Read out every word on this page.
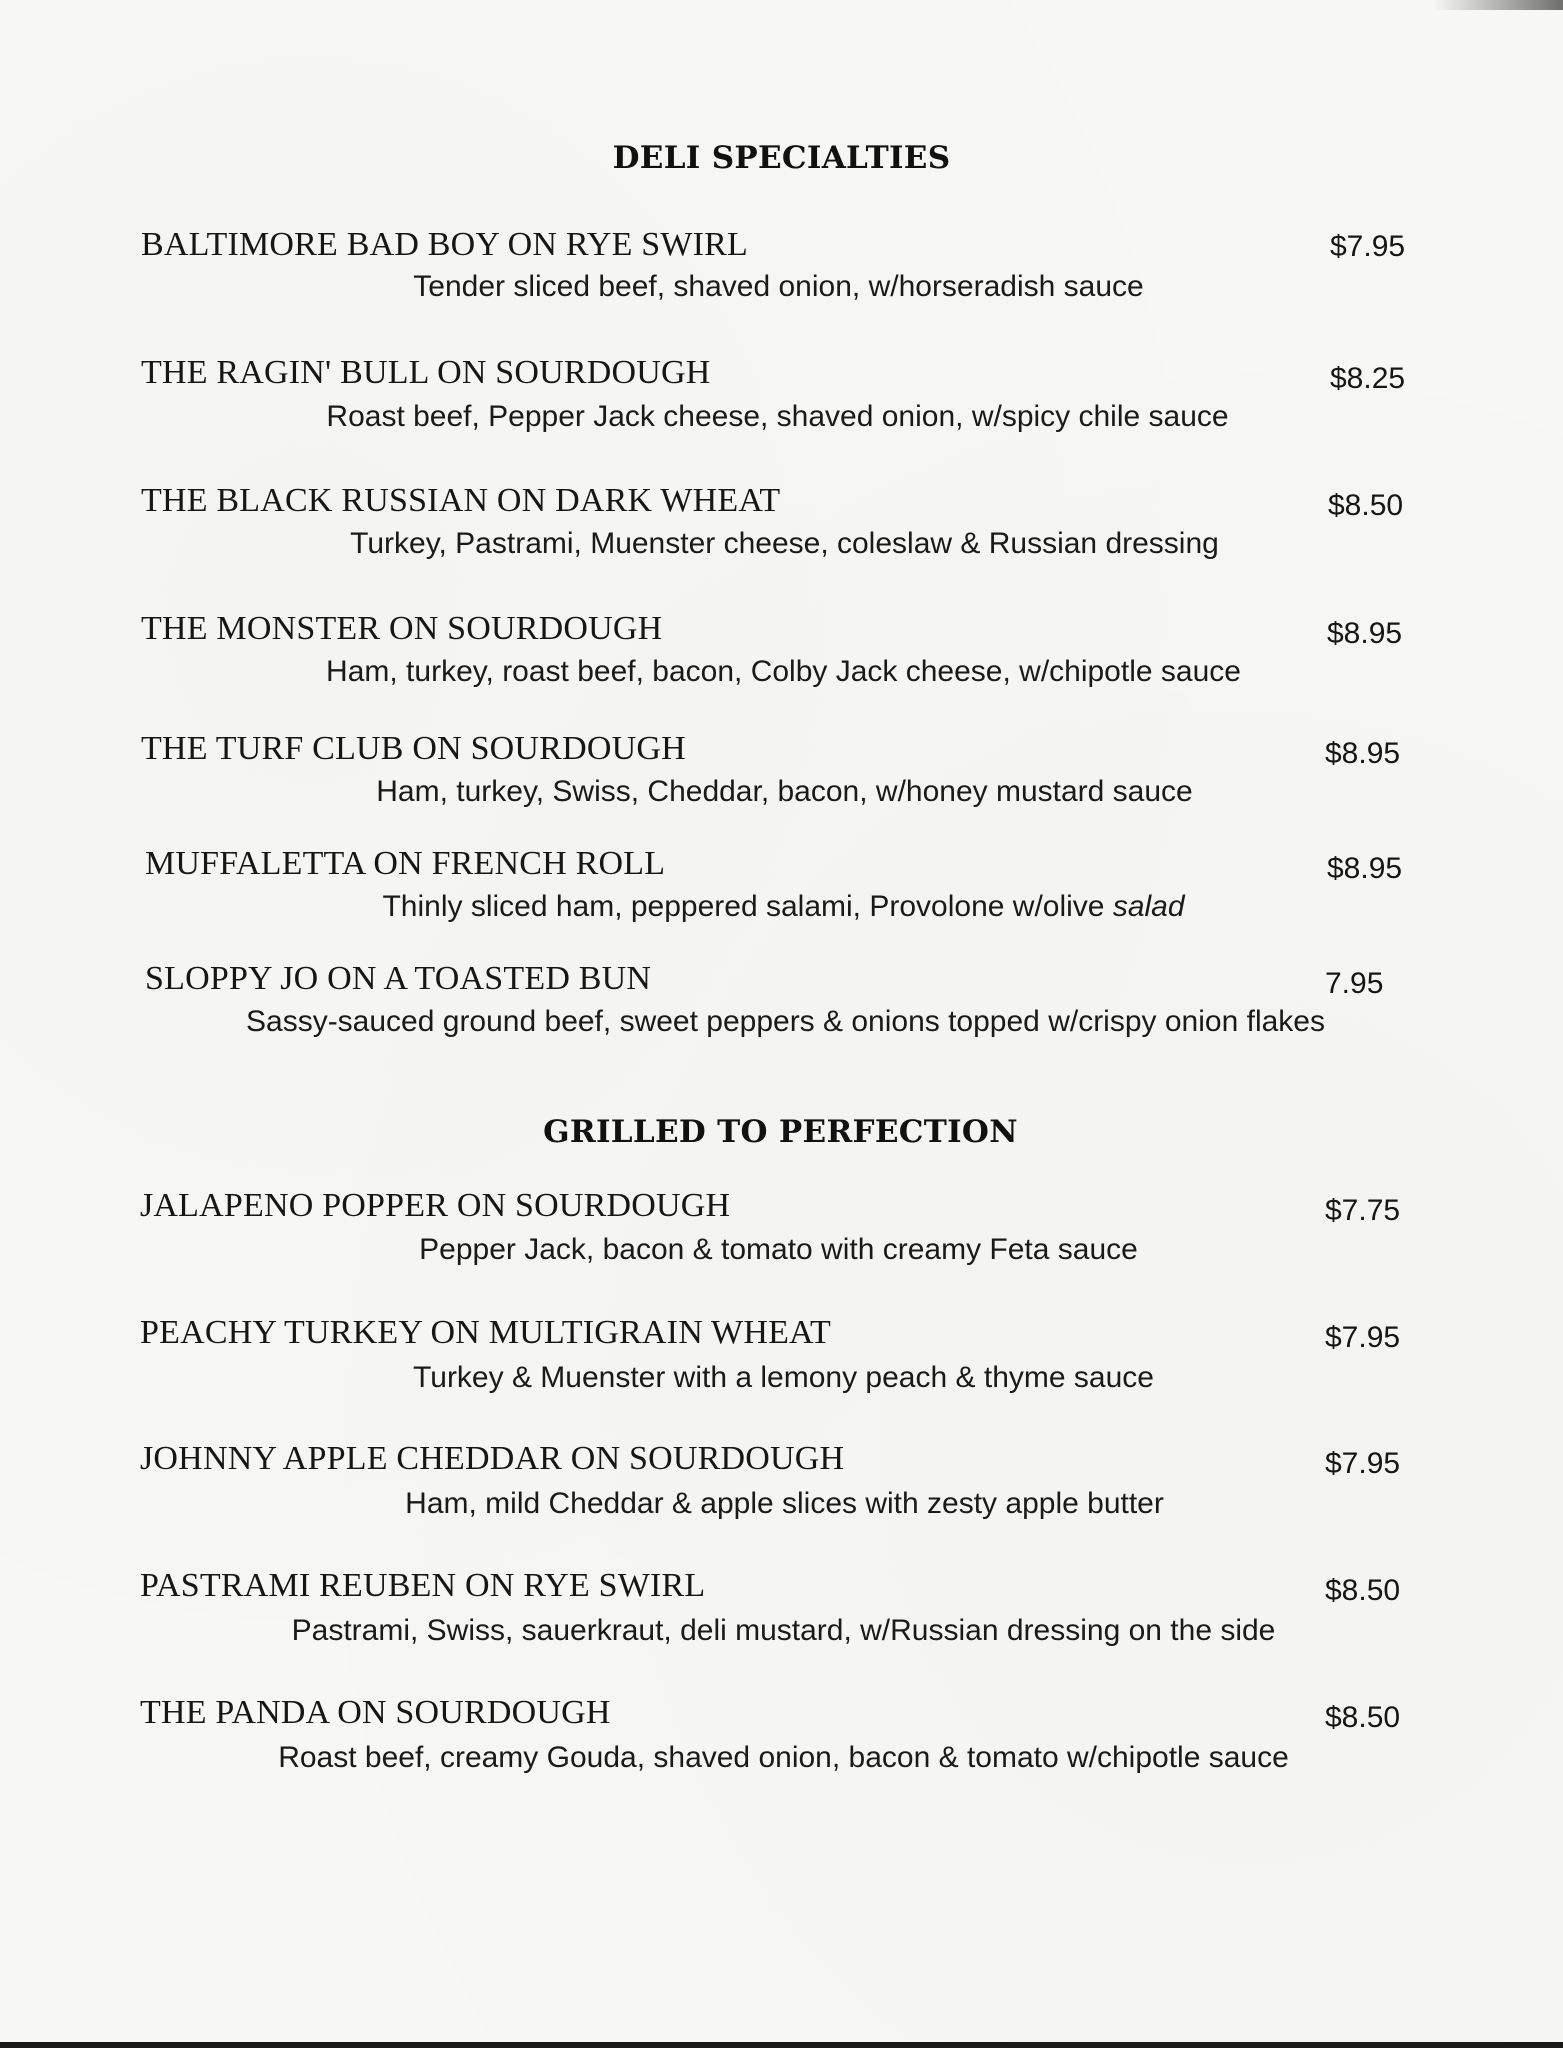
DELI SPECIALTIES
BALTIMORE BAD BOY ON RYE SWIRL	$7.95
Tender sliced beef, shaved onion, w/horseradish sauce
THE RAGIN' BULL ON SOURDOUGH	$8.25
Roast beef, Pepper Jack cheese, shaved onion, w/spicy chile sauce
THE BLACK RUSSIAN ON DARK WHEAT	$8.50
Turkey, Pastrami, Muenster cheese, coleslaw & Russian dressing
THE MONSTER ON SOURDOUGH	$8.95
Ham, turkey, roast beef, bacon, Colby Jack cheese, w/chipotle sauce
THE TURF CLUB ON SOURDOUGH	$8.95
Ham, turkey, Swiss, Cheddar, bacon, w/honey mustard sauce
MUFFALETTA ON FRENCH ROLL	$8.95
Thinly sliced ham, peppered salami, Provolone w/olive salad
SLOPPY JO ON A TOASTED BUN	7.95
Sassy-sauced ground beef, sweet peppers & onions topped w/crispy onion flakes
GRILLED TO PERFECTION
JALAPENO POPPER ON SOURDOUGH	$7.75
Pepper Jack, bacon & tomato with creamy Feta sauce
PEACHY TURKEY ON MULTIGRAIN WHEAT	$7.95
Turkey & Muenster with a lemony peach & thyme sauce
JOHNNY APPLE CHEDDAR ON SOURDOUGH	$7.95
Ham, mild Cheddar & apple slices with zesty apple butter
PASTRAMI REUBEN ON RYE SWIRL	$8.50
Pastrami, Swiss, sauerkraut, deli mustard, w/Russian dressing on the side
THE PANDA ON SOURDOUGH	$8.50
Roast beef, creamy Gouda, shaved onion, bacon & tomato w/chipotle sauce
